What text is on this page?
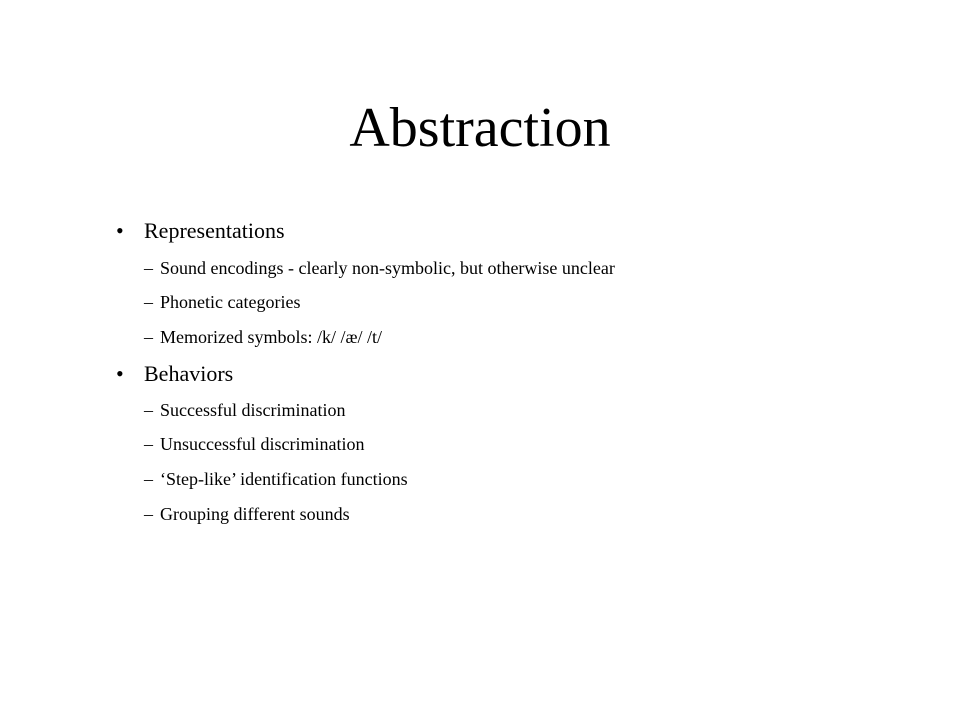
Abstraction
• Representations
– Sound encodings - clearly non-symbolic, but otherwise unclear
– Phonetic categories
– Memorized symbols: /k/ /æ/ /t/
• Behaviors
– Successful discrimination
– Unsuccessful discrimination
– ‘Step-like’ identification functions
– Grouping different sounds
